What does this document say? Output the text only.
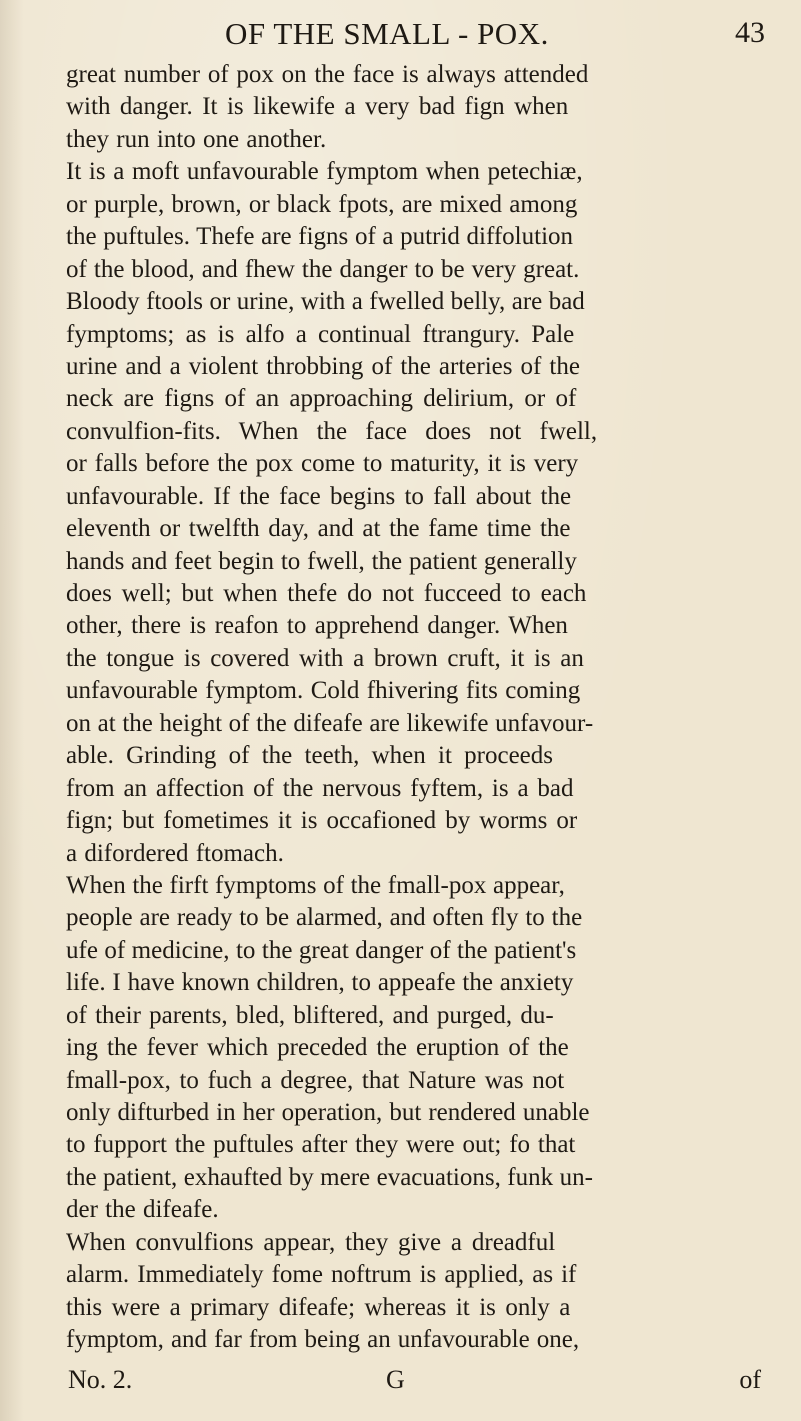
OF THE SMALL - POX.	43
great number of pox on the face is always attended
with danger. It is likewife a very bad fign when
they run into one another.
It is a moft unfavourable fymptom when petechiæ,
or purple, brown, or black fpots, are mixed among
the puftules. Thefe are figns of a putrid diffolution
of the blood, and fhew the danger to be very great.
Bloody ftools or urine, with a fwelled belly, are bad
fymptoms; as is alfo a continual ftrangury. Pale
urine and a violent throbbing of the arteries of the
neck are figns of an approaching delirium, or of
convulfion-fits. When the face does not fwell,
or falls before the pox come to maturity, it is very
unfavourable. If the face begins to fall about the
eleventh or twelfth day, and at the fame time the
hands and feet begin to fwell, the patient generally
does well; but when thefe do not fucceed to each
other, there is reafon to apprehend danger. When
the tongue is covered with a brown cruft, it is an
unfavourable fymptom. Cold fhivering fits coming
on at the height of the difeafe are likewife unfavour-
able. Grinding of the teeth, when it proceeds
from an affection of the nervous fyftem, is a bad
fign; but fometimes it is occafioned by worms or
a difordered ftomach.
When the firft fymptoms of the fmall-pox appear,
people are ready to be alarmed, and often fly to the
ufe of medicine, to the great danger of the patient's
life. I have known children, to appeafe the anxiety
of their parents, bled, bliftered, and purged, du-
ing the fever which preceded the eruption of the
fmall-pox, to fuch a degree, that Nature was not
only difturbed in her operation, but rendered unable
to fupport the puftules after they were out; fo that
the patient, exhaufted by mere evacuations, funk un-
der the difeafe.
When convulfions appear, they give a dreadful
alarm. Immediately fome noftrum is applied, as if
this were a primary difeafe; whereas it is only a
fymptom, and far from being an unfavourable one,
No. 2.	G	of
